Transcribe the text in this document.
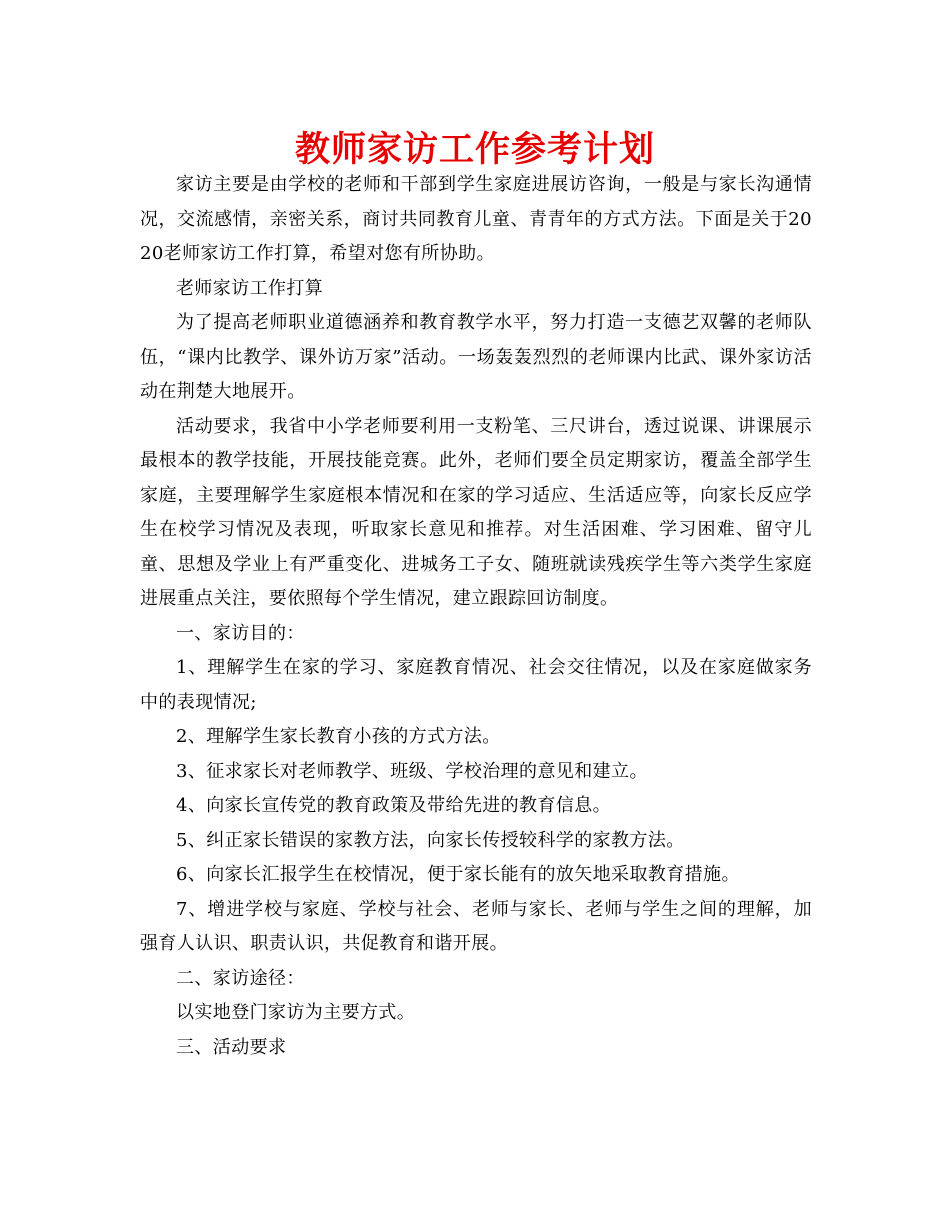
教师家访工作参考计划

家访主要是由学校的老师和干部到学生家庭进展访咨询，一般是与家长沟通情况，交流感情，亲密关系，商讨共同教育儿童、青青年的方式方法。下面是关于2020老师家访工作打算，希望对您有所协助。

老师家访工作打算

为了提高老师职业道德涵养和教育教学水平，努力打造一支德艺双馨的老师队伍，“课内比教学、课外访万家”活动。一场轰轰烈烈的老师课内比武、课外家访活动在荆楚大地展开。

活动要求，我省中小学老师要利用一支粉笔、三尺讲台，透过说课、讲课展示最根本的教学技能，开展技能竞赛。此外，老师们要全员定期家访，覆盖全部学生家庭，主要理解学生家庭根本情况和在家的学习适应、生活适应等，向家长反应学生在校学习情况及表现，听取家长意见和推荐。对生活困难、学习困难、留守儿童、思想及学业上有严重变化、进城务工子女、随班就读残疾学生等六类学生家庭进展重点关注，要依照每个学生情况，建立跟踪回访制度。

一、家访目的：

1、理解学生在家的学习、家庭教育情况、社会交往情况，以及在家庭做家务中的表现情况;

2、理解学生家长教育小孩的方式方法。

3、征求家长对老师教学、班级、学校治理的意见和建立。

4、向家长宣传党的教育政策及带给先进的教育信息。

5、纠正家长错误的家教方法，向家长传授较科学的家教方法。

6、向家长汇报学生在校情况，便于家长能有的放矢地采取教育措施。

7、增进学校与家庭、学校与社会、老师与家长、老师与学生之间的理解，加强育人认识、职责认识，共促教育和谐开展。

二、家访途径：

以实地登门家访为主要方式。

三、活动要求
